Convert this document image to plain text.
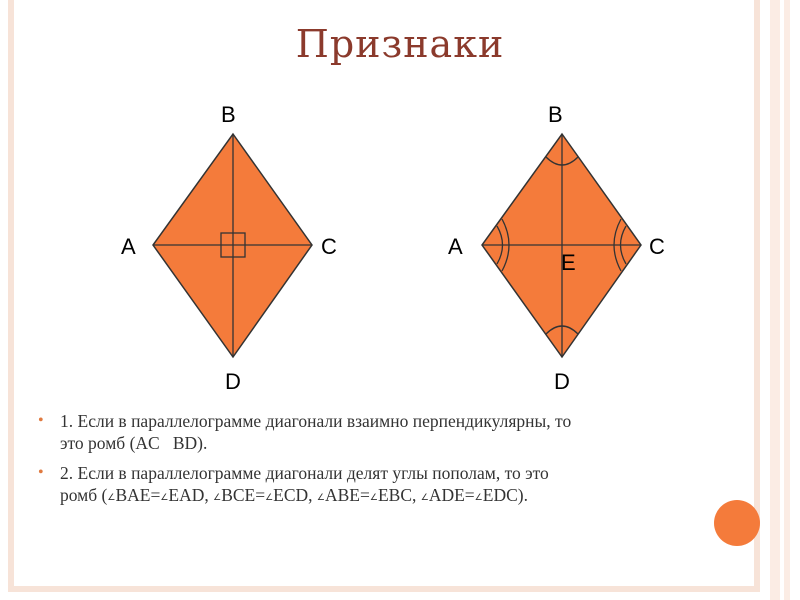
Признаки
B
A	C
D
B
A	C
E
D
• 1. Если в параллелограмме диагонали взаимно перпендикулярны, то
это ромб (AC   BD).
• 2. Если в параллелограмме диагонали делят углы пополам, то это
ромб (∠BAE=∠EAD, ∠BCE=∠ECD, ∠ABE=∠EBC, ∠ADE=∠EDC).
